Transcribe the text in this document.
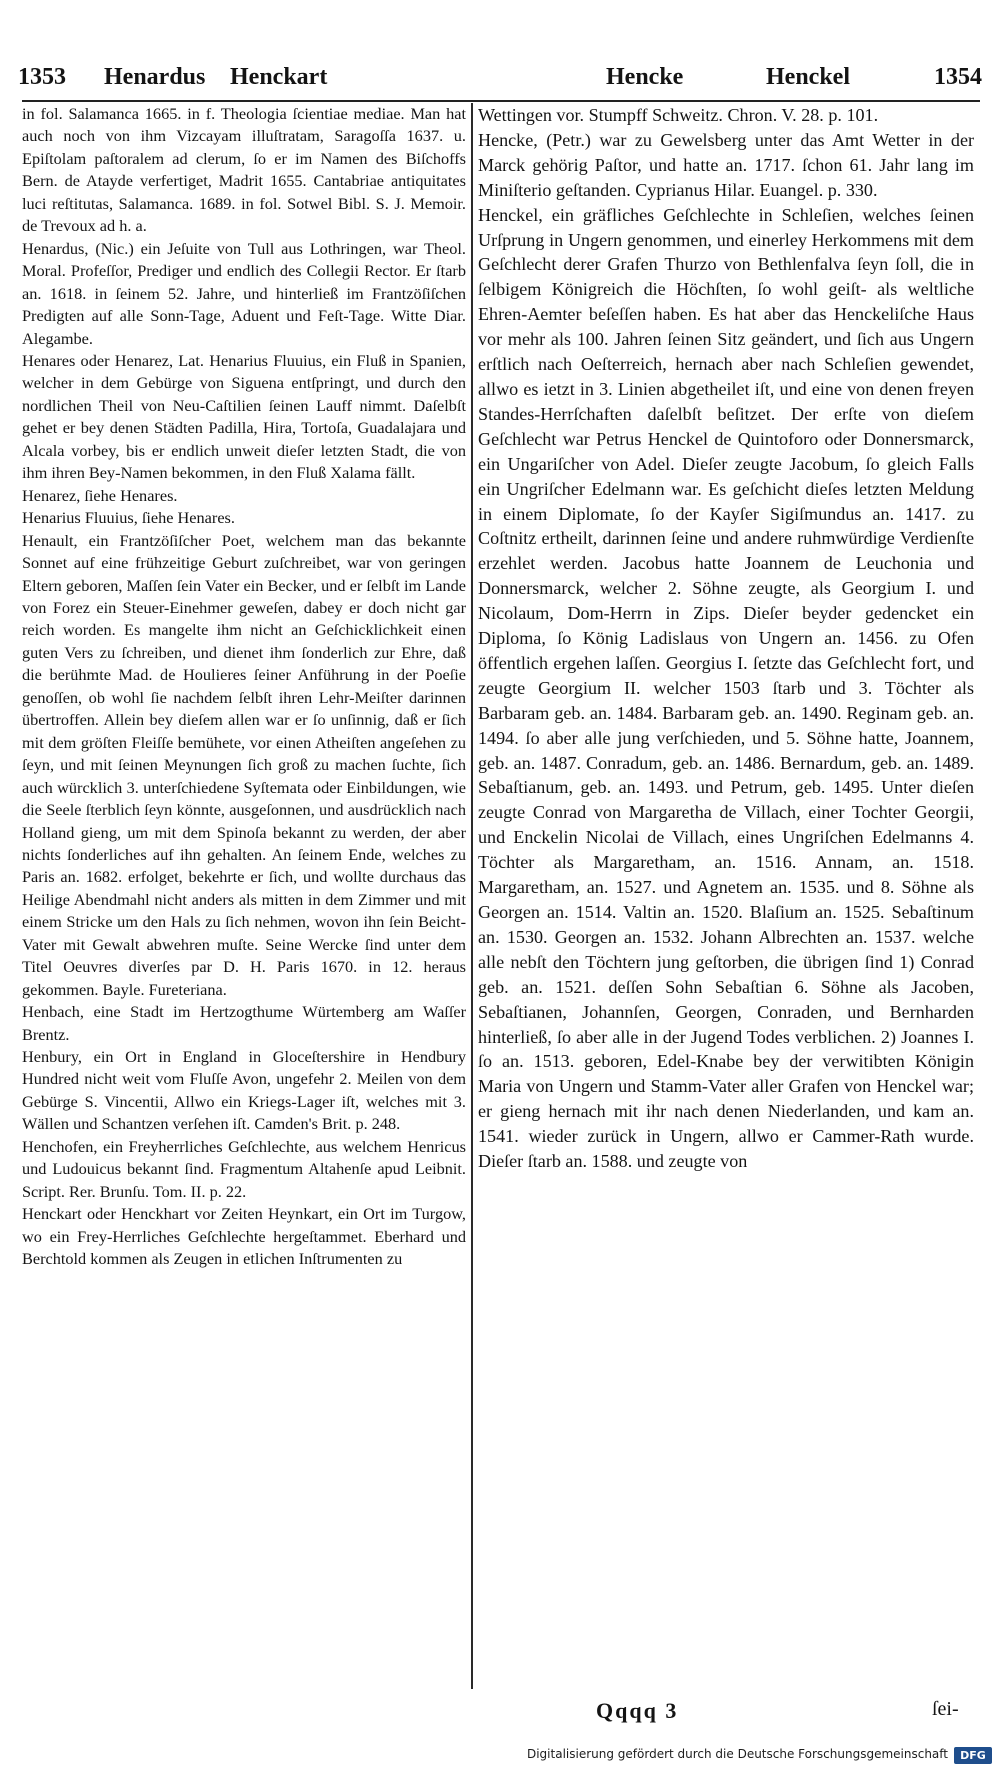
1353 Henardus Henckart	Hencke	Henckel	1354

in fol. Salamanca 1665. in f. Theologia ſcientiae mediae. Man hat auch noch von ihm Vizcayam illuſtratam, Saragoſſa 1637. u. Epiſtolam paſtoralem ad clerum, ſo er im Namen des Biſchoffs Bern. de Atayde verfertiget, Madrit 1655. Cantabriae antiquitates luci reſtitutas, Salamanca. 1689. in fol. Sotwel Bibl. S. J. Memoir. de Trevoux ad h. a.

Henardus, (Nic.) ein Jeſuite von Tull aus Lothringen, war Theol. Moral. Profeſſor, Prediger und endlich des Collegii Rector. Er ſtarb an. 1618. in ſeinem 52. Jahre, und hinterließ im Frantzöſiſchen Predigten auf alle Sonn-Tage, Aduent und Feſt-Tage. Witte Diar. Alegambe.

Henares oder Henarez, Lat. Henarius Fluuius, ein Fluß in Spanien, welcher in dem Gebürge von Siguena entſpringt, und durch den nordlichen Theil von Neu-Caſtilien ſeinen Lauff nimmt. Daſelbſt gehet er bey denen Städten Padilla, Hira, Tortoſa, Guadalajara und Alcala vorbey, bis er endlich unweit dieſer letzten Stadt, die von ihm ihren Bey-Namen bekommen, in den Fluß Xalama fällt.

Henarez, ſiehe Henares.

Henarius Fluuius, ſiehe Henares.

Henault, ein Frantzöſiſcher Poet, welchem man das bekannte Sonnet auf eine frühzeitige Geburt zuſchreibet, war von geringen Eltern geboren, Maſſen ſein Vater ein Becker, und er ſelbſt im Lande von Forez ein Steuer-Einehmer geweſen, dabey er doch nicht gar reich worden. Es mangelte ihm nicht an Geſchicklichkeit einen guten Vers zu ſchreiben, und dienet ihm ſonderlich zur Ehre, daß die berühmte Mad. de Houlieres ſeiner Anführung in der Poeſie genoſſen, ob wohl ſie nachdem ſelbſt ihren Lehr-Meiſter darinnen übertroffen. Allein bey dieſem allen war er ſo unſinnig, daß er ſich mit dem gröſten Fleiſſe bemühete, vor einen Atheiſten angeſehen zu ſeyn, und mit ſeinen Meynungen ſich groß zu machen ſuchte, ſich auch würcklich 3. unterſchiedene Syſtemata oder Einbildungen, wie die Seele ſterblich ſeyn könnte, ausgeſonnen, und ausdrücklich nach Holland gieng, um mit dem Spinoſa bekannt zu werden, der aber nichts ſonderliches auf ihn gehalten. An ſeinem Ende, welches zu Paris an. 1682. erfolget, bekehrte er ſich, und wollte durchaus das Heilige Abendmahl nicht anders als mitten in dem Zimmer und mit einem Stricke um den Hals zu ſich nehmen, wovon ihn ſein Beicht-Vater mit Gewalt abwehren muſte. Seine Wercke ſind unter dem Titel Oeuvres diverſes par D. H. Paris 1670. in 12. heraus gekommen. Bayle. Fureteriana.

Henbach, eine Stadt im Hertzogthume Würtemberg am Waſſer Brentz.

Henbury, ein Ort in England in Gloceſtershire in Hendbury Hundred nicht weit vom Fluſſe Avon, ungefehr 2. Meilen von dem Gebürge S. Vincentii, Allwo ein Kriegs-Lager iſt, welches mit 3. Wällen und Schantzen verſehen iſt. Camden's Brit. p. 248.

Henchofen, ein Freyherrliches Geſchlechte, aus welchem Henricus und Ludouicus bekannt ſind. Fragmentum Altahenſe apud Leibnit. Script. Rer. Brunſu. Tom. II. p. 22.

Henckart oder Henckhart vor Zeiten Heynkart, ein Ort im Turgow, wo ein Frey-Herrliches Geſchlechte hergeſtammet. Eberhard und Berchtold kommen als Zeugen in etlichen Inſtrumenten zu

Wettingen vor. Stumpff Schweitz. Chron. V. 28. p. 101.

Hencke, (Petr.) war zu Gewelsberg unter das Amt Wetter in der Marck gehörig Paſtor, und hatte an. 1717. ſchon 61. Jahr lang im Miniſterio geſtanden. Cyprianus Hilar. Euangel. p. 330.

Henckel, ein gräfliches Geſchlechte in Schleſien, welches ſeinen Urſprung in Ungern genommen, und einerley Herkommens mit dem Geſchlecht derer Grafen Thurzo von Bethlenfalva ſeyn ſoll, die in ſelbigem Königreich die Höchſten, ſo wohl geiſt- als weltliche Ehren-Aemter beſeſſen haben. Es hat aber das Henckeliſche Haus vor mehr als 100. Jahren ſeinen Sitz geändert, und ſich aus Ungern erſtlich nach Oeſterreich, hernach aber nach Schleſien gewendet, allwo es ietzt in 3. Linien abgetheilet iſt, und eine von denen freyen Standes-Herrſchaften daſelbſt beſitzet. Der erſte von dieſem Geſchlecht war Petrus Henckel de Quintoforo oder Donnersmarck, ein Ungariſcher von Adel. Dieſer zeugte Jacobum, ſo gleich Falls ein Ungriſcher Edelmann war. Es geſchicht dieſes letzten Meldung in einem Diplomate, ſo der Kayſer Sigiſmundus an. 1417. zu Coſtnitz ertheilt, darinnen ſeine und andere ruhmwürdige Verdienſte erzehlet werden. Jacobus hatte Joannem de Leuchonia und Donnersmarck, welcher 2. Söhne zeugte, als Georgium I. und Nicolaum, Dom-Herrn in Zips. Dieſer beyder gedencket ein Diploma, ſo König Ladislaus von Ungern an. 1456. zu Ofen öffentlich ergehen laſſen. Georgius I. ſetzte das Geſchlecht fort, und zeugte Georgium II. welcher 1503 ſtarb und 3. Töchter als Barbaram geb. an. 1484. Barbaram geb. an. 1490. Reginam geb. an. 1494. ſo aber alle jung verſchieden, und 5. Söhne hatte, Joannem, geb. an. 1487. Conradum, geb. an. 1486. Bernardum, geb. an. 1489. Sebaſtianum, geb. an. 1493. und Petrum, geb. 1495. Unter dieſen zeugte Conrad von Margaretha de Villach, einer Tochter Georgii, und Enckelin Nicolai de Villach, eines Ungriſchen Edelmanns 4. Töchter als Margaretham, an. 1516. Annam, an. 1518. Margaretham, an. 1527. und Agnetem an. 1535. und 8. Söhne als Georgen an. 1514. Valtin an. 1520. Blaſium an. 1525. Sebaſtinum an. 1530. Georgen an. 1532. Johann Albrechten an. 1537. welche alle nebſt den Töchtern jung geſtorben, die übrigen ſind 1) Conrad geb. an. 1521. deſſen Sohn Sebaſtian 6. Söhne als Jacoben, Sebaſtianen, Johannſen, Georgen, Conraden, und Bernharden hinterließ, ſo aber alle in der Jugend Todes verblichen. 2) Joannes I. ſo an. 1513. geboren, Edel-Knabe bey der verwitibten Königin Maria von Ungern und Stamm-Vater aller Grafen von Henckel war; er gieng hernach mit ihr nach denen Niederlanden, und kam an. 1541. wieder zurück in Ungern, allwo er Cammer-Rath wurde. Dieſer ſtarb an. 1588. und zeugte von

Qqqq 3	ſei-
Digitalisierung gefördert durch die Deutsche Forschungsgemeinschaft	DFG
